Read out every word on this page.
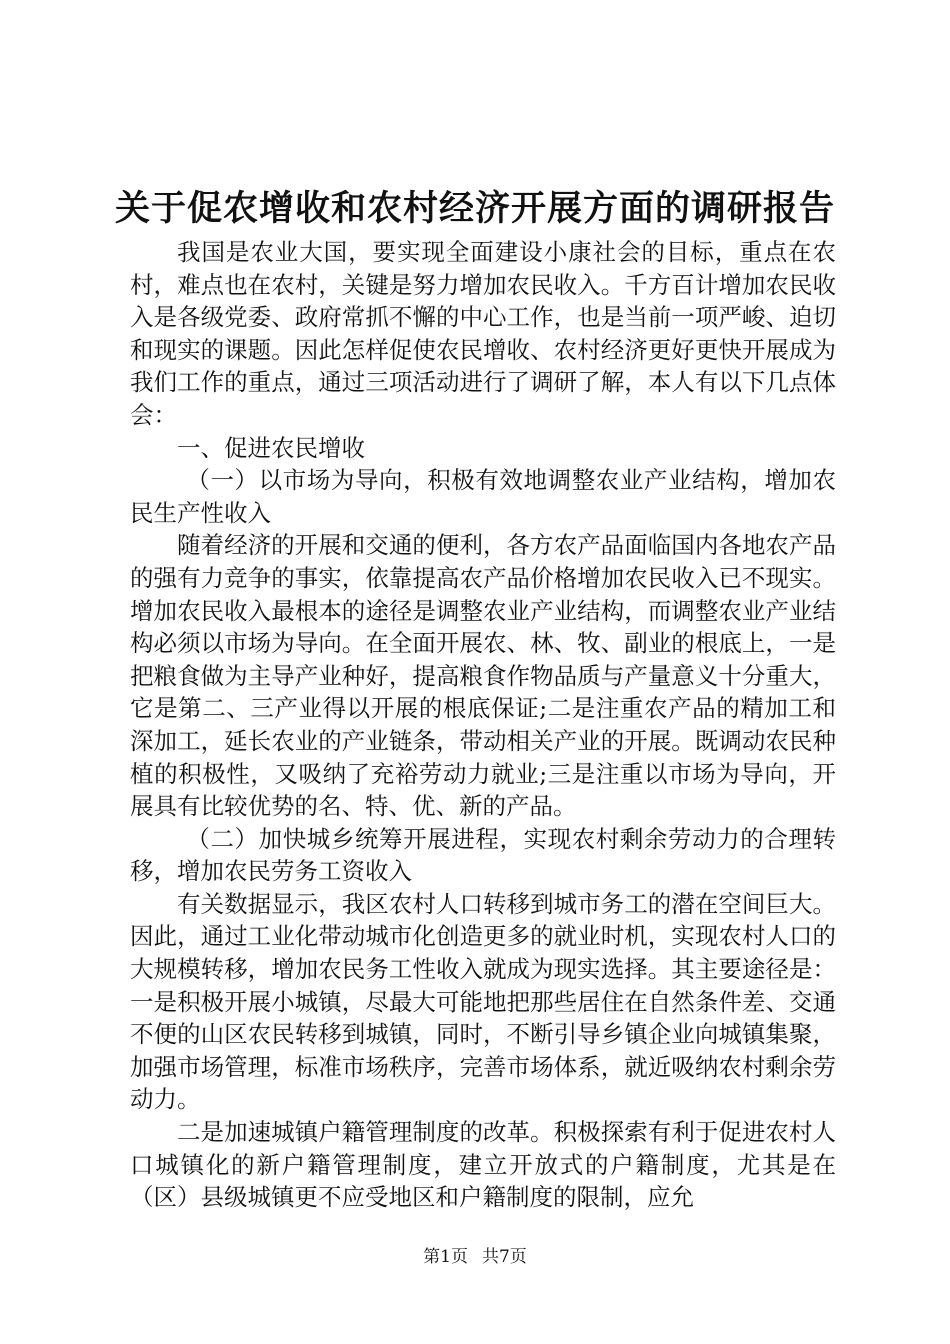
关于促农增收和农村经济开展方面的调研报告

我国是农业大国，要实现全面建设小康社会的目标，重点在农村，难点也在农村，关键是努力增加农民收入。千方百计增加农民收入是各级党委、政府常抓不懈的中心工作，也是当前一项严峻、迫切和现实的课题。因此怎样促使农民增收、农村经济更好更快开展成为我们工作的重点，通过三项活动进行了调研了解，本人有以下几点体会：

一、促进农民增收

（一）以市场为导向，积极有效地调整农业产业结构，增加农民生产性收入

随着经济的开展和交通的便利，各方农产品面临国内各地农产品的强有力竞争的事实，依靠提高农产品价格增加农民收入已不现实。增加农民收入最根本的途径是调整农业产业结构，而调整农业产业结构必须以市场为导向。在全面开展农、林、牧、副业的根底上，一是把粮食做为主导产业种好，提高粮食作物品质与产量意义十分重大，它是第二、三产业得以开展的根底保证;二是注重农产品的精加工和深加工，延长农业的产业链条，带动相关产业的开展。既调动农民种植的积极性，又吸纳了充裕劳动力就业;三是注重以市场为导向，开展具有比较优势的名、特、优、新的产品。

（二）加快城乡统筹开展进程，实现农村剩余劳动力的合理转移，增加农民劳务工资收入

有关数据显示，我区农村人口转移到城市务工的潜在空间巨大。因此，通过工业化带动城市化创造更多的就业时机，实现农村人口的大规模转移，增加农民务工性收入就成为现实选择。其主要途径是：一是积极开展小城镇，尽最大可能地把那些居住在自然条件差、交通不便的山区农民转移到城镇，同时，不断引导乡镇企业向城镇集聚，加强市场管理，标准市场秩序，完善市场体系，就近吸纳农村剩余劳动力。

二是加速城镇户籍管理制度的改革。积极探索有利于促进农村人口城镇化的新户籍管理制度，建立开放式的户籍制度，尤其是在（区）县级城镇更不应受地区和户籍制度的限制，应允

第1页 共7页
